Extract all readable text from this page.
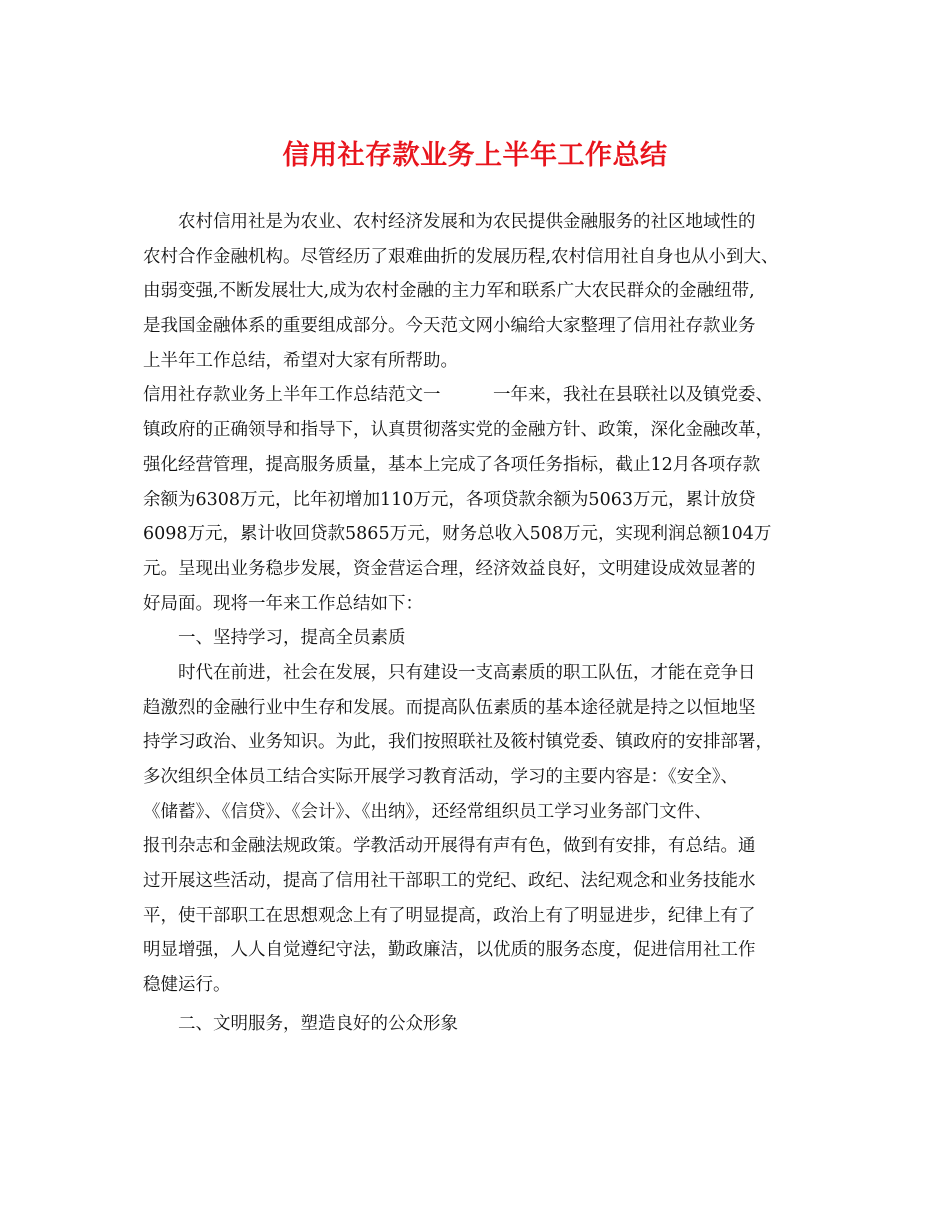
信用社存款业务上半年工作总结
农村信用社是为农业、农村经济发展和为农民提供金融服务的社区地域性的
农村合作金融机构。尽管经历了艰难曲折的发展历程,农村信用社自身也从小到大、
由弱变强,不断发展壮大,成为农村金融的主力军和联系广大农民群众的金融纽带,
是我国金融体系的重要组成部分。今天范文网小编给大家整理了信用社存款业务
上半年工作总结，希望对大家有所帮助。
信用社存款业务上半年工作总结范文一　　　一年来，我社在县联社以及镇党委、
镇政府的正确领导和指导下，认真贯彻落实党的金融方针、政策，深化金融改革，
强化经营管理，提高服务质量，基本上完成了各项任务指标，截止12月各项存款
余额为6308万元，比年初增加110万元，各项贷款余额为5063万元，累计放贷
6098万元，累计收回贷款5865万元，财务总收入508万元，实现利润总额104万
元。呈现出业务稳步发展，资金营运合理，经济效益良好，文明建设成效显著的
好局面。现将一年来工作总结如下：
一、坚持学习，提高全员素质
时代在前进，社会在发展，只有建设一支高素质的职工队伍，才能在竞争日
趋激烈的金融行业中生存和发展。而提高队伍素质的基本途径就是持之以恒地坚
持学习政治、业务知识。为此，我们按照联社及筱村镇党委、镇政府的安排部署，
多次组织全体员工结合实际开展学习教育活动，学习的主要内容是：《安全》、
《储蓄》、《信贷》、《会计》、《出纳》，还经常组织员工学习业务部门文件、
报刊杂志和金融法规政策。学教活动开展得有声有色，做到有安排，有总结。通
过开展这些活动，提高了信用社干部职工的党纪、政纪、法纪观念和业务技能水
平，使干部职工在思想观念上有了明显提高，政治上有了明显进步，纪律上有了
明显增强，人人自觉遵纪守法，勤政廉洁，以优质的服务态度，促进信用社工作
稳健运行。
二、文明服务，塑造良好的公众形象
